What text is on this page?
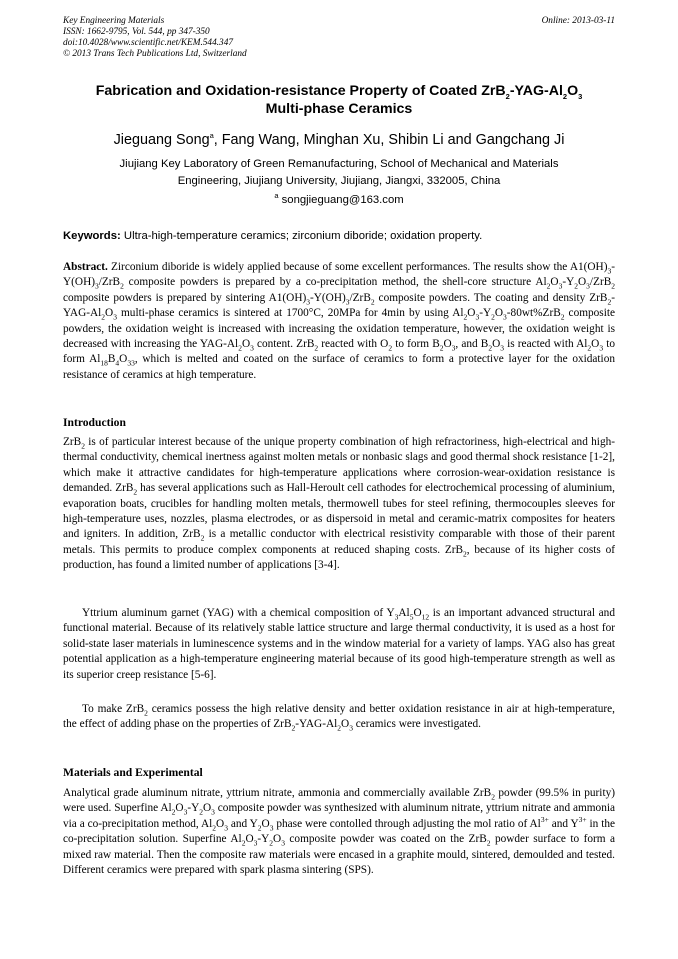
Key Engineering Materials
ISSN: 1662-9795, Vol. 544, pp 347-350
doi:10.4028/www.scientific.net/KEM.544.347
© 2013 Trans Tech Publications Ltd, Switzerland
Online: 2013-03-11
Fabrication and Oxidation-resistance Property of Coated $ZrB_2-YAG-Al_2O_3$
Multi-phase Ceramics
Jieguang Song$^a$, Fang Wang, Minghan Xu, Shibin Li and Gangchang Ji
Jiujiang Key Laboratory of Green Remanufacturing, School of Mechanical and Materials
Engineering, Jiujiang University, Jiujiang, Jiangxi, 332005, China
$^a$ songjieguang@163.com
Keywords: Ultra-high-temperature ceramics; zirconium diboride; oxidation property.
Abstract. Zirconium diboride is widely applied because of some excellent performances. The results show the $A1(OH)_3-Y(OH)_3/ZrB_2$ composite powders is prepared by a co-precipitation method, the shell-core structure $Al_2O_3-Y_2O_3/ZrB_2$ composite powders is prepared by sintering $A1(OH)_3-Y(OH)_3/ZrB_2$ composite powders. The coating and density $ZrB_2-YAG-Al_2O_3$ multi-phase ceramics is sintered at 1700°C, 20MPa for 4min by using $Al_2O_3-Y_2O_3-80wt\%ZrB_2$ composite powders, the oxidation weight is increased with increasing the oxidation temperature, however, the oxidation weight is decreased with increasing the YAG-$Al_2O_3$ content. ZrB$_2$ reacted with $O_2$ to form $B_2O_3$, and $B_2O_3$ is reacted with $Al_2O_3$ to form $Al_{18}B_4O_{33}$, which is melted and coated on the surface of ceramics to form a protective layer for the oxidation resistance of ceramics at high temperature.
Introduction
ZrB$_2$ is of particular interest because of the unique property combination of high refractoriness, high-electrical and high-thermal conductivity, chemical inertness against molten metals or nonbasic slags and good thermal shock resistance [1-2], which make it attractive candidates for high-temperature applications where corrosion-wear-oxidation resistance is demanded. ZrB$_2$ has several applications such as Hall-Heroult cell cathodes for electrochemical processing of aluminium, evaporation boats, crucibles for handling molten metals, thermowell tubes for steel refining, thermocouples sleeves for high-temperature uses, nozzles, plasma electrodes, or as dispersoid in metal and ceramic-matrix composites for heaters and igniters. In addition, ZrB$_2$ is a metallic conductor with electrical resistivity comparable with those of their parent metals. This permits to produce complex components at reduced shaping costs. ZrB$_2$, because of its higher costs of production, has found a limited number of applications [3-4].
Yttrium aluminum garnet (YAG) with a chemical composition of $Y_3Al_5O_{12}$ is an important advanced structural and functional material. Because of its relatively stable lattice structure and large thermal conductivity, it is used as a host for solid-state laser materials in luminescence systems and in the window material for a variety of lamps. YAG also has great potential application as a high-temperature engineering material because of its good high-temperature strength as well as its superior creep resistance [5-6].
To make ZrB$_2$ ceramics possess the high relative density and better oxidation resistance in air at high-temperature, the effect of adding phase on the properties of $ZrB_2-YAG-Al_2O_3$ ceramics were investigated.
Materials and Experimental
Analytical grade aluminum nitrate, yttrium nitrate, ammonia and commercially available ZrB$_2$ powder (99.5% in purity) were used. Superfine $Al_2O_3-Y_2O_3$ composite powder was synthesized with aluminum nitrate, yttrium nitrate and ammonia via a co-precipitation method, $Al_2O_3$ and $Y_2O_3$ phase were contolled through adjusting the mol ratio of $Al^{3+}$ and $Y^{3+}$ in the co-precipitation solution. Superfine $Al_2O_3-Y_2O_3$ composite powder was coated on the ZrB$_2$ powder surface to form a mixed raw material. Then the composite raw materials were encased in a graphite mould, sintered, demoulded and tested. Different ceramics were prepared with spark plasma sintering (SPS).
